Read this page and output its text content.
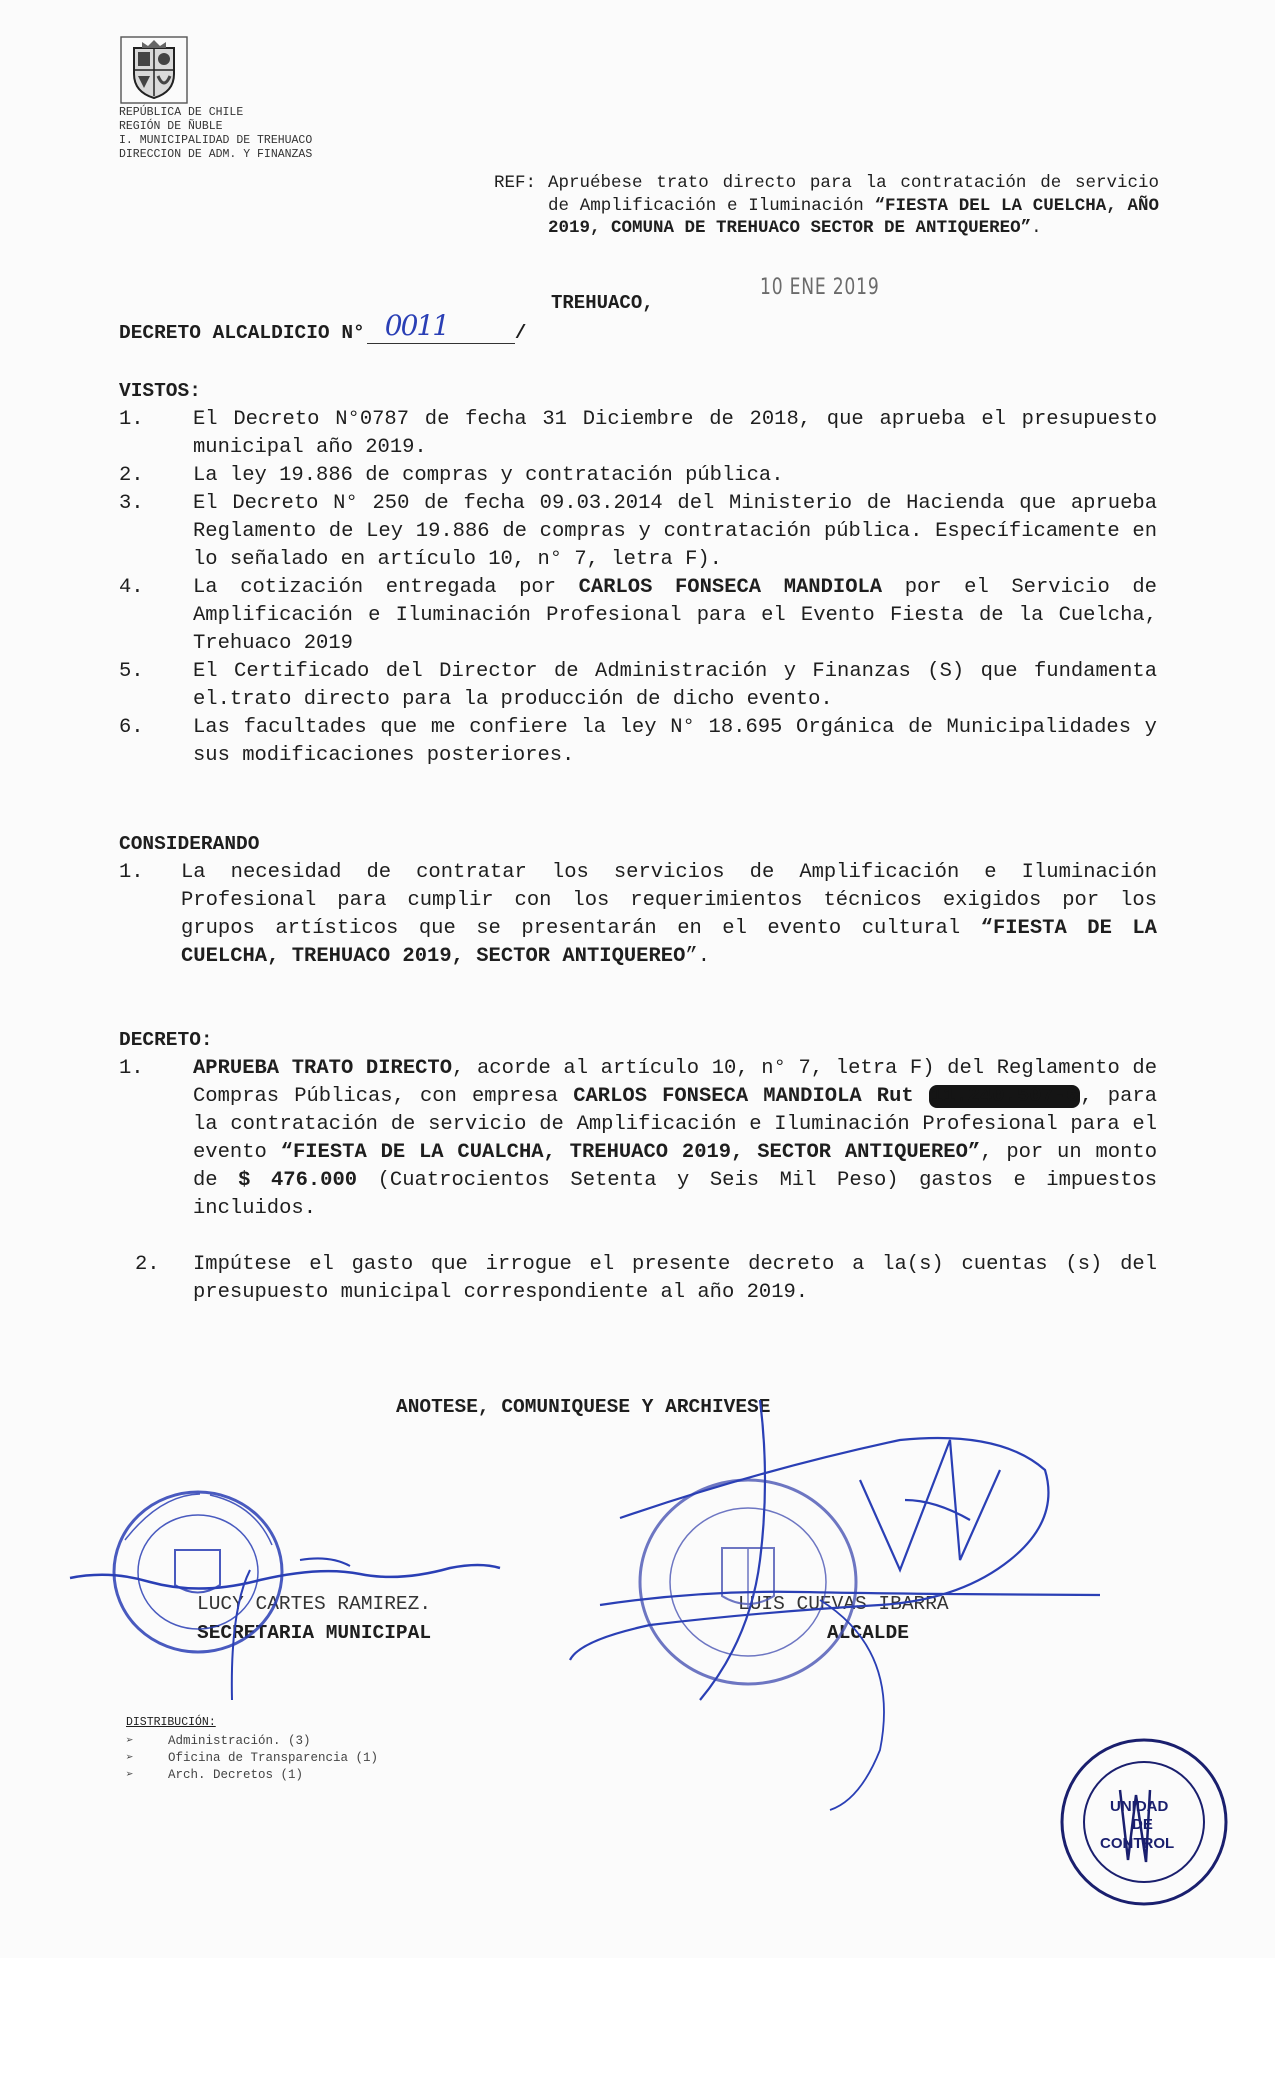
REPÚBLICA DE CHILE
REGIÓN DE ÑUBLE
I. MUNICIPALIDAD DE TREHUACO
DIRECCION DE ADM. Y FINANZAS
REF: Apruébese trato directo para la contratación de servicio de Amplificación e Iluminación “FIESTA DEL LA CUELCHA, AÑO 2019, COMUNA DE TREHUACO SECTOR DE ANTIQUEREO”.
TREHUACO,
10 ENE 2019
DECRETO ALCALDICIO N° 0011	/
VISTOS:
1. El Decreto N°0787 de fecha 31 Diciembre de 2018, que aprueba el presupuesto municipal año 2019.
2. La ley 19.886 de compras y contratación pública.
3. El Decreto N° 250 de fecha 09.03.2014 del Ministerio de Hacienda que aprueba Reglamento de Ley 19.886 de compras y contratación pública. Específicamente en lo señalado en artículo 10, n° 7, letra F).
4. La cotización entregada por CARLOS FONSECA MANDIOLA por el Servicio de Amplificación e Iluminación Profesional para el Evento Fiesta de la Cuelcha, Trehuaco 2019
5. El Certificado del Director de Administración y Finanzas (S) que fundamenta el.trato directo para la producción de dicho evento.
6. Las facultades que me confiere la ley N° 18.695 Orgánica de Municipalidades y sus modificaciones posteriores.
CONSIDERANDO
1. La necesidad de contratar los servicios de Amplificación e Iluminación Profesional para cumplir con los requerimientos técnicos exigidos por los grupos artísticos que se presentarán en el evento cultural “FIESTA DE LA CUELCHA, TREHUACO 2019, SECTOR ANTIQUEREO”.
DECRETO:
1. APRUEBA TRATO DIRECTO, acorde al artículo 10, n° 7, letra F) del Reglamento de Compras Públicas, con empresa CARLOS FONSECA MANDIOLA Rut 11.240.507-6, para la contratación de servicio de Amplificación e Iluminación Profesional para el evento “FIESTA DE LA CUALCHA, TREHUACO 2019, SECTOR ANTIQUEREO”, por un monto de $ 476.000 (Cuatrocientos Setenta y Seis Mil Peso) gastos e impuestos incluidos.
2. Impútese el gasto que irrogue el presente decreto a la(s) cuentas (s) del presupuesto municipal correspondiente al año 2019.
ANOTESE, COMUNIQUESE Y ARCHIVESE
LUCY CARTES RAMIREZ.
SECRETARIA MUNICIPAL
LUIS CUEVAS IBARRA
ALCALDE
DISTRIBUCIÓN:
➢	Administración. (3)
➢	Oficina de Transparencia (1)
➢	Arch. Decretos (1)
UNIDAD
DE
CONTROL
